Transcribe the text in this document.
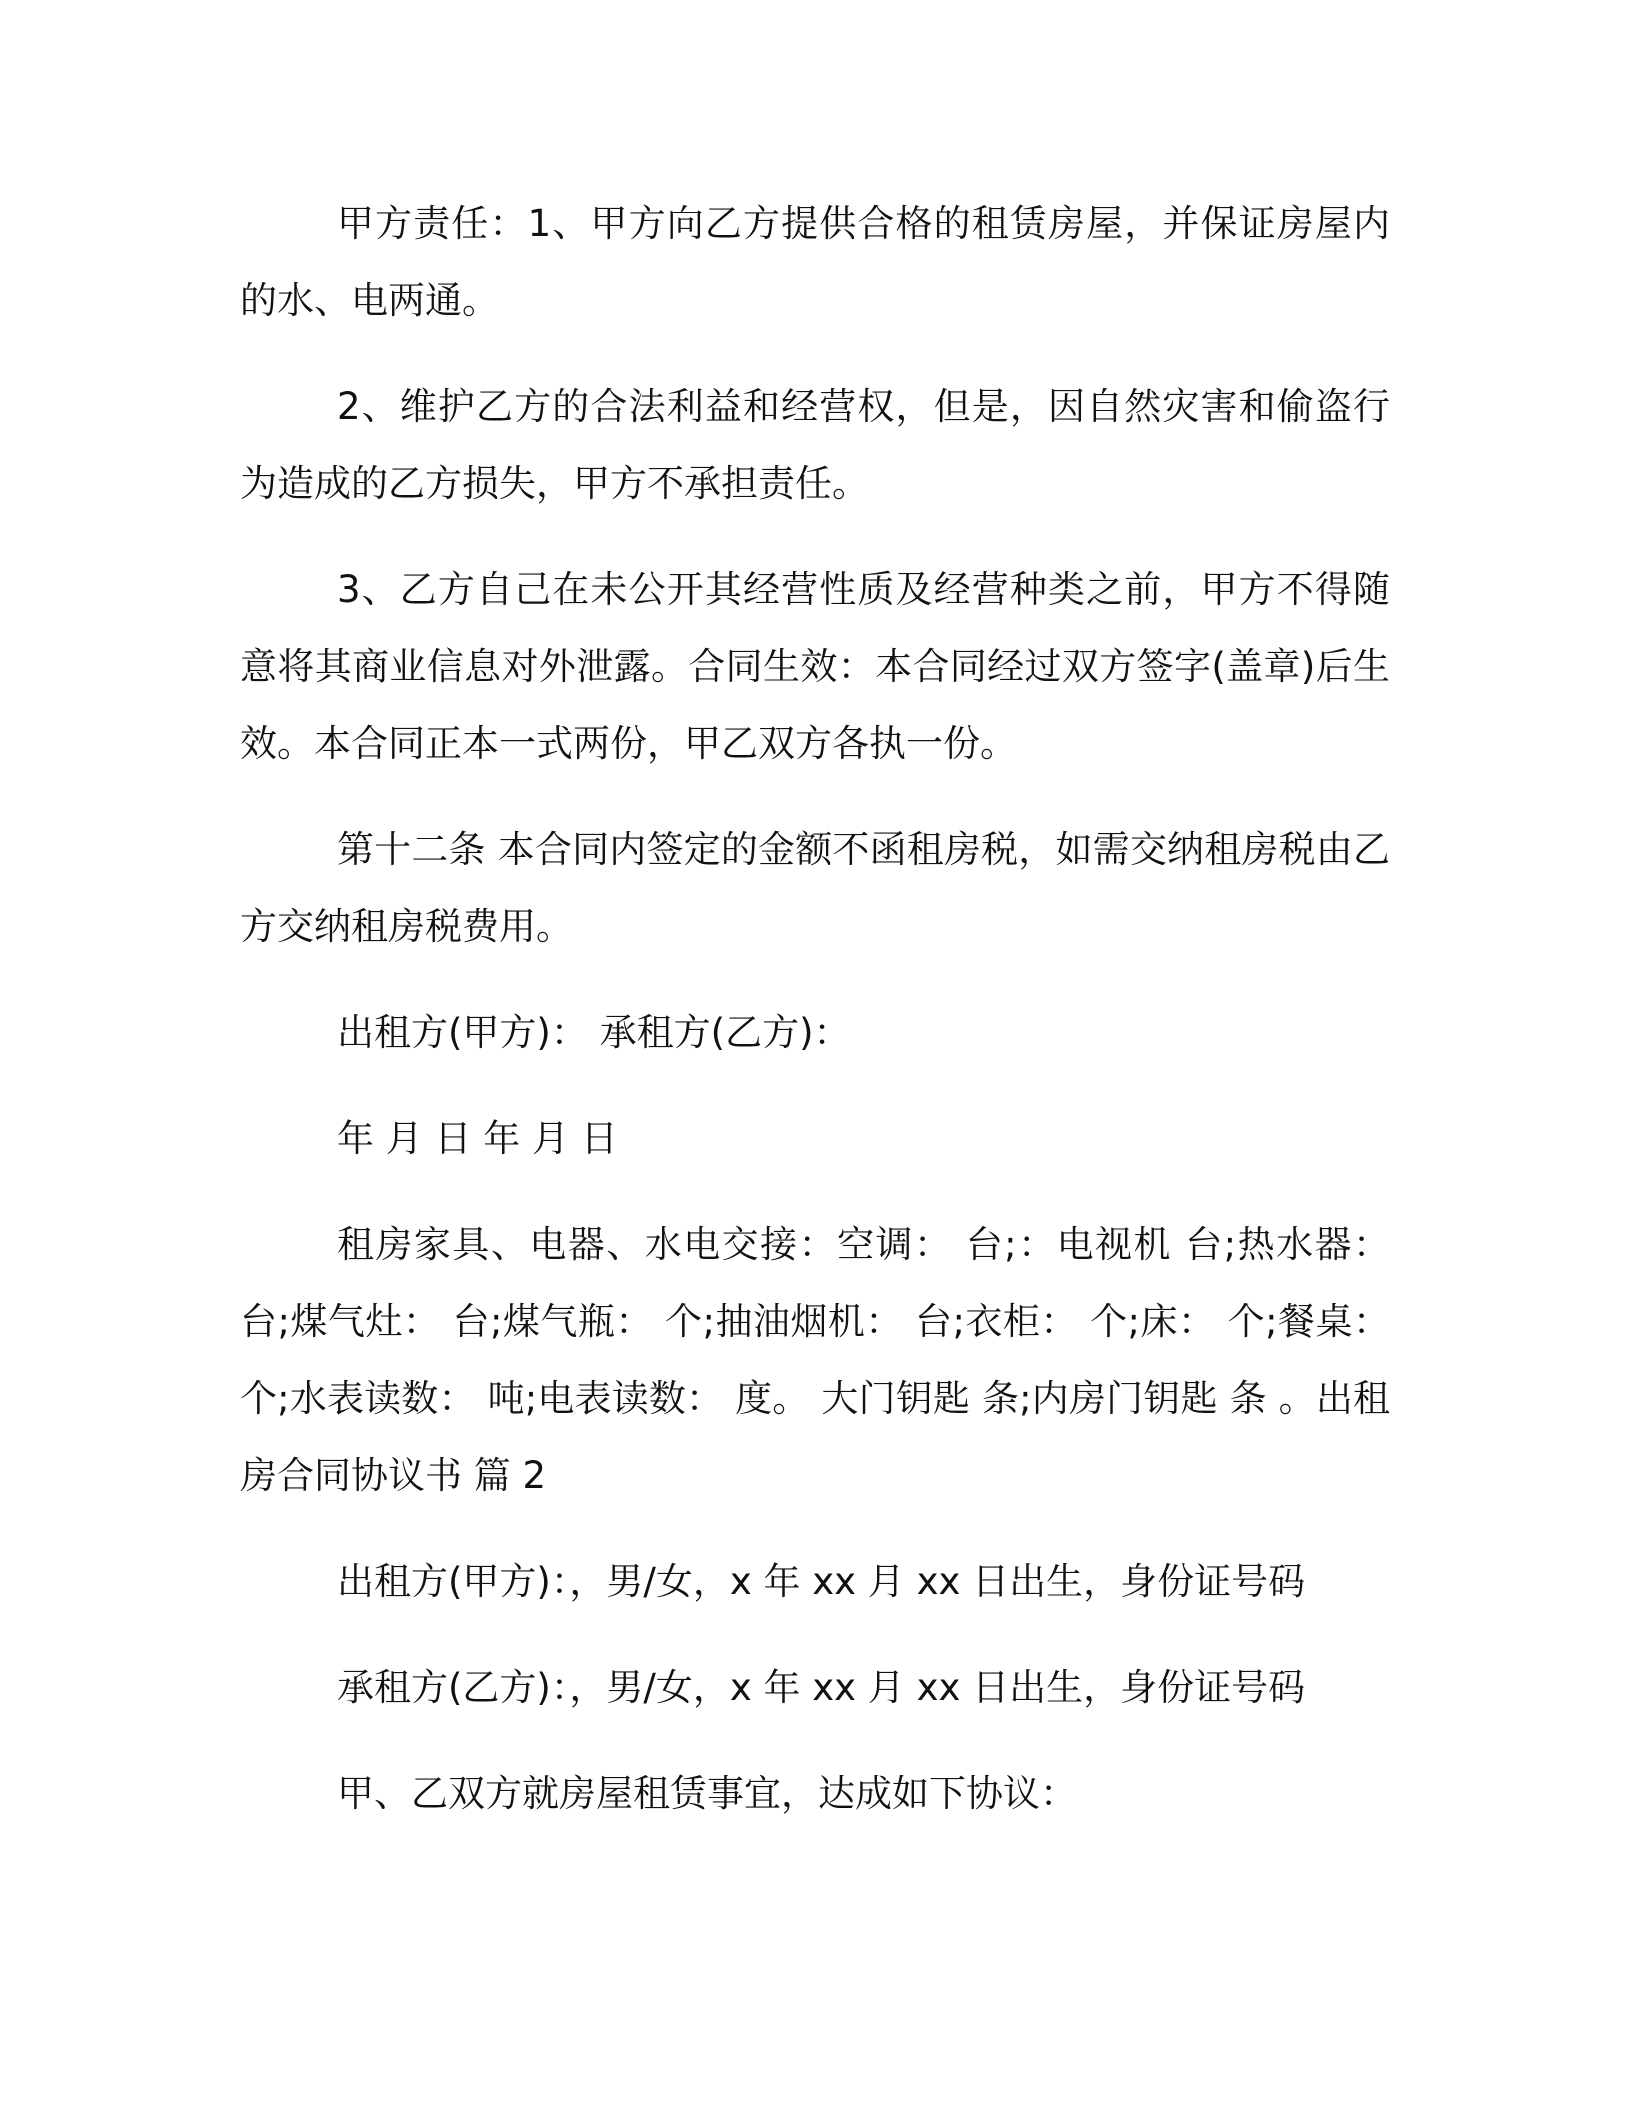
甲方责任：1、甲方向乙方提供合格的租赁房屋，并保证房屋内的水、电两通。

2、维护乙方的合法利益和经营权，但是，因自然灾害和偷盗行为造成的乙方损失，甲方不承担责任。

3、乙方自己在未公开其经营性质及经营种类之前，甲方不得随意将其商业信息对外泄露。合同生效：本合同经过双方签字(盖章)后生效。本合同正本一式两份，甲乙双方各执一份。

第十二条 本合同内签定的金额不函租房税，如需交纳租房税由乙方交纳租房税费用。

出租方(甲方)： 承租方(乙方)：

年 月 日 年 月 日

租房家具、电器、水电交接：空调： 台;：电视机 台;热水器： 台;煤气灶： 台;煤气瓶： 个;抽油烟机： 台;衣柜： 个;床： 个;餐桌： 个;水表读数： 吨;电表读数： 度。 大门钥匙 条;内房门钥匙 条 。出租房合同协议书 篇 2

出租方(甲方)：，男/女，x 年 xx 月 xx 日出生，身份证号码

承租方(乙方)：，男/女，x 年 xx 月 xx 日出生，身份证号码

甲、乙双方就房屋租赁事宜，达成如下协议：
